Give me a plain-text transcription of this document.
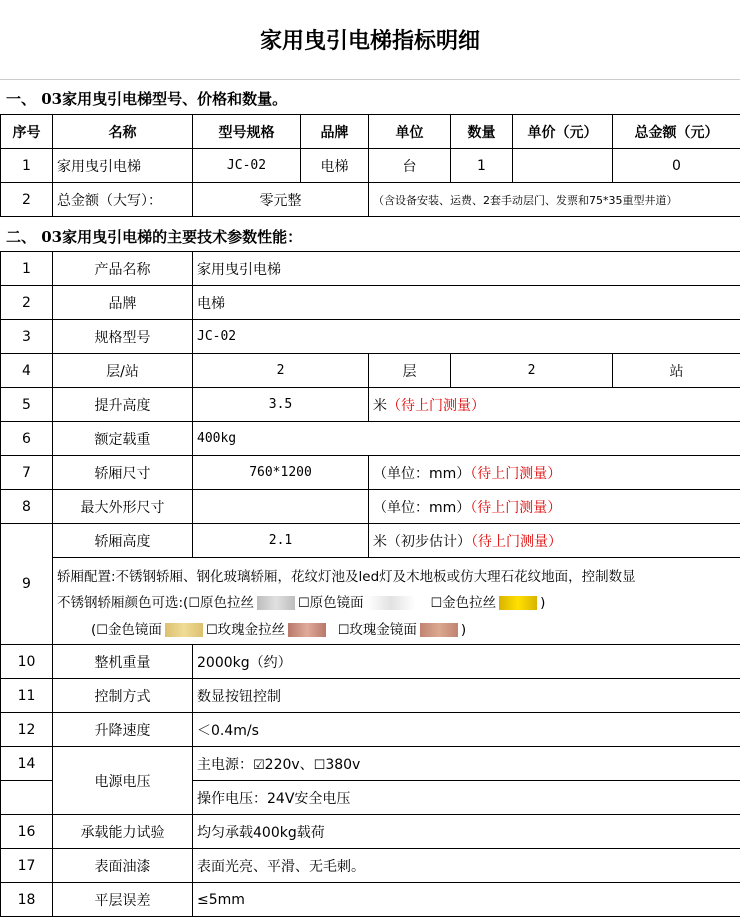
家用曳引电梯指标明细
一、 03家用曳引电梯型号、价格和数量。
序号	名称	型号规格	品牌	单位	数量	单价（元）	总金额（元）
1	家用曳引电梯	JC-02	电梯	台	1		0
2	总金额（大写）：	零元整		（含设备安装、运费、2套手动层门、发票和75*35重型井道）			
二、 03家用曳引电梯的主要技术参数性能：
1	产品名称	家用曳引电梯			
2	品牌	电梯			
3	规格型号	JC-02			
4	层/站	2	层	2	站
5	提升高度	3.5	米（待上门测量）		
6	额定载重	400kg			
7	轿厢尺寸	760*1200	（单位：mm）（待上门测量）		
8	最大外形尺寸		（单位：mm）（待上门测量）		
9	轿厢高度	2.1	米（初步估计）（待上门测量）		

	轿厢配置:不锈钢轿厢、钢化玻璃轿厢，花纹灯池及led灯及木地板或仿大理石花纹地面，控制数显
不锈钢轿厢颜色可选:(☐原色拉丝 ☐原色镜面 ☐金色拉丝 )
(☐金色镜面 ☐玫瑰金拉丝 ☐玫瑰金镜面 )				

10	整机重量	2000kg（约）			
11	控制方式	数显按钮控制			
12	升降速度	＜0.4m/s			
14	电源电压	主电源：☑220v、☐380v			
		操作电压：24V安全电压			
16	承载能力试验	均匀承载400kg载荷			
17	表面油漆	表面光亮、平滑、无毛刺。			
18	平层误差	≤5mm			
